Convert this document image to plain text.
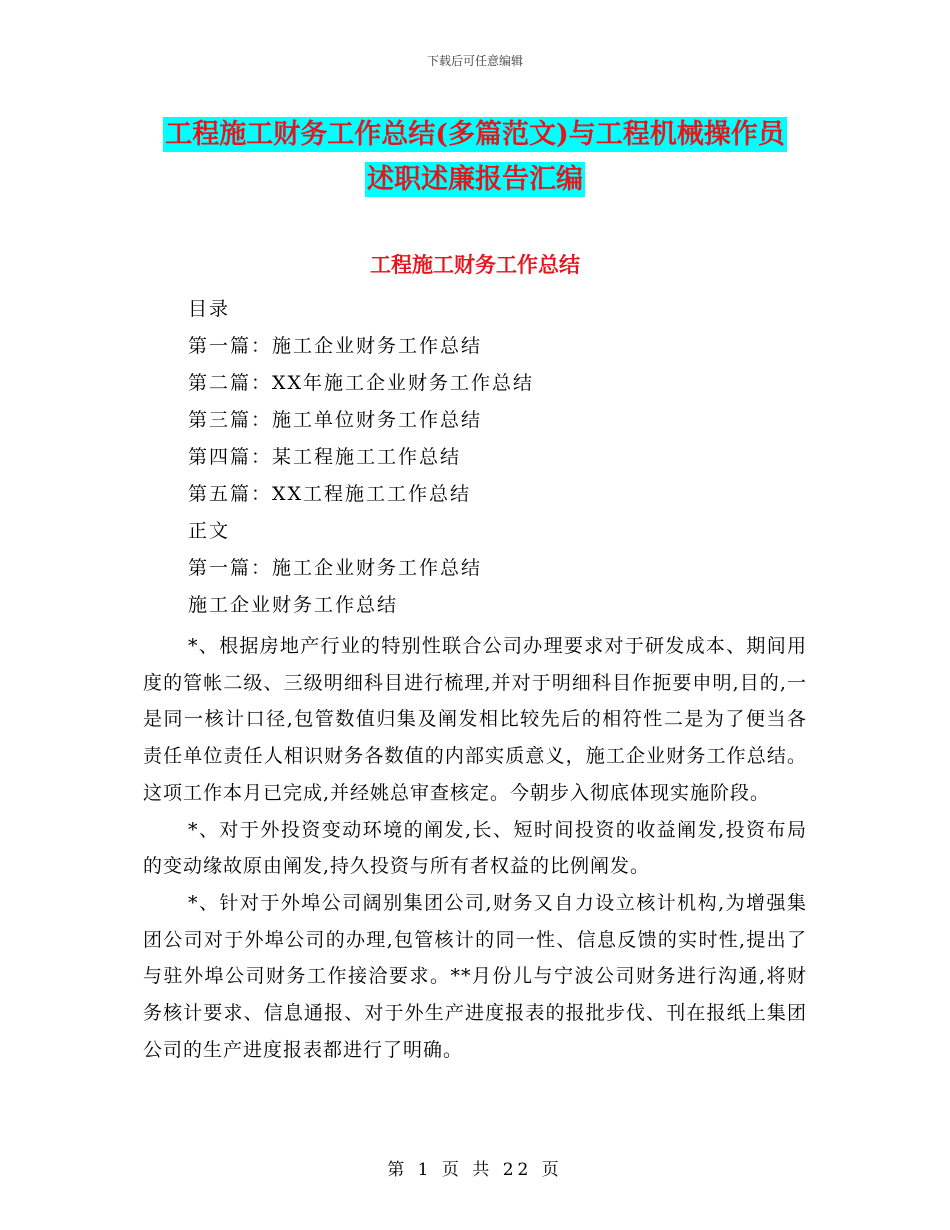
下载后可任意编辑
工程施工财务工作总结(多篇范文)与工程机械操作员
述职述廉报告汇编
工程施工财务工作总结
目录
第一篇：施工企业财务工作总结
第二篇：XX年施工企业财务工作总结
第三篇：施工单位财务工作总结
第四篇：某工程施工工作总结
第五篇：XX工程施工工作总结
正文
第一篇：施工企业财务工作总结
施工企业财务工作总结

*、根据房地产行业的特别性联合公司办理要求对于研发成本、期间用度的管帐二级、三级明细科目进行梳理,并对于明细科目作扼要申明,目的,一是同一核计口径,包管数值归集及阐发相比较先后的相符性二是为了便当各责任单位责任人相识财务各数值的内部实质意义，施工企业财务工作总结。这项工作本月已完成,并经姚总审查核定。今朝步入彻底体现实施阶段。

*、对于外投资变动环境的阐发,长、短时间投资的收益阐发,投资布局的变动缘故原由阐发,持久投资与所有者权益的比例阐发。

*、针对于外埠公司阔别集团公司,财务又自力设立核计机构,为增强集团公司对于外埠公司的办理,包管核计的同一性、信息反馈的实时性,提出了与驻外埠公司财务工作接洽要求。**月份儿与宁波公司财务进行沟通,将财务核计要求、信息通报、对于外生产进度报表的报批步伐、刊在报纸上集团公司的生产进度报表都进行了明确。

第 1 页 共 22 页
